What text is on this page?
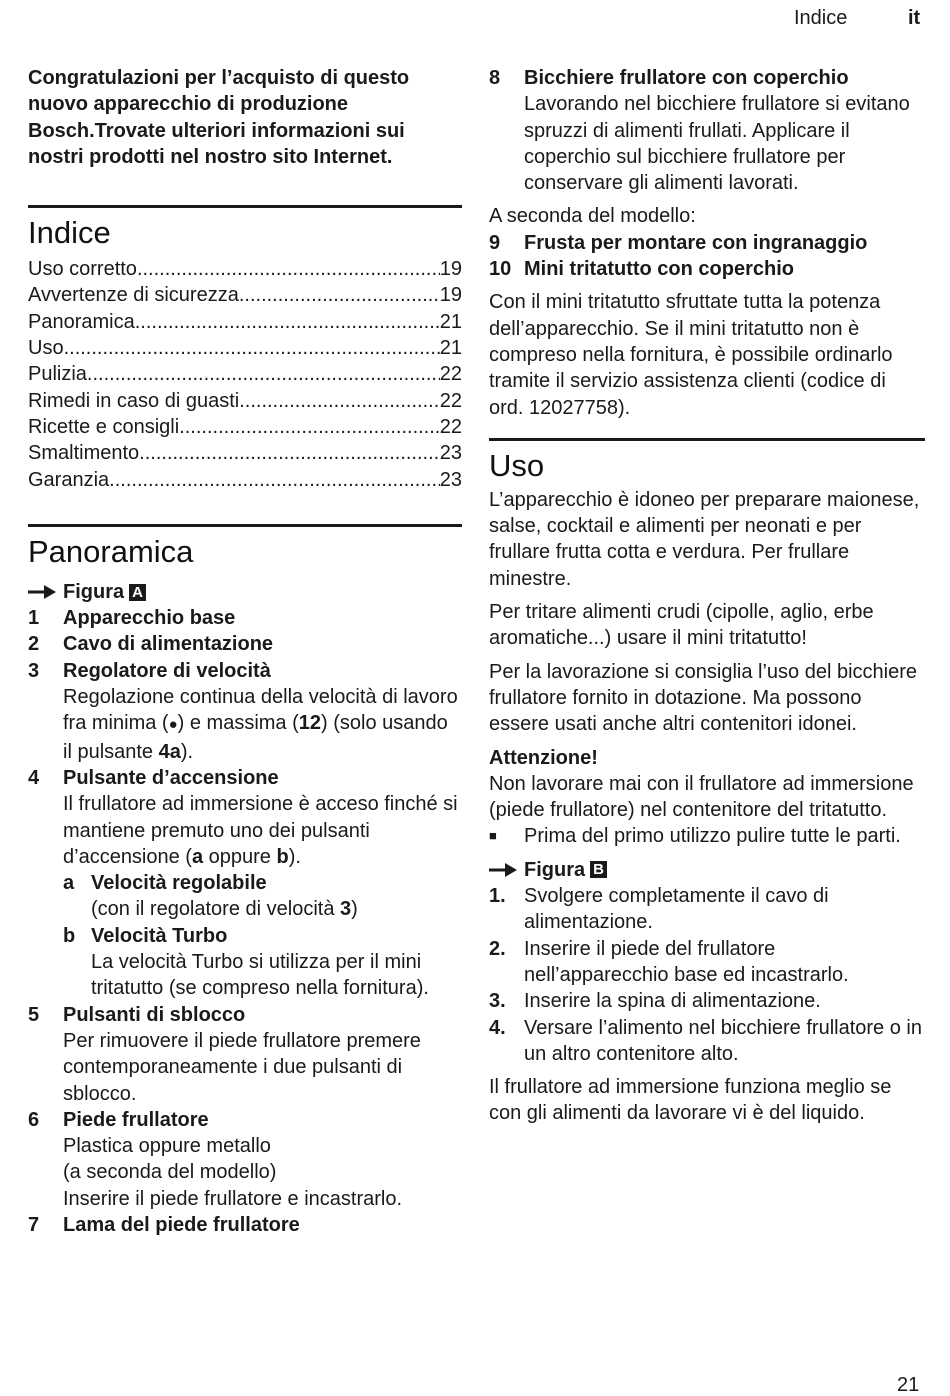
Indice	it

Congratulazioni per l’acquisto di questo nuovo apparecchio di produzione Bosch.Trovate ulteriori informazioni sui nostri prodotti nel nostro sito Internet.

Indice
Uso corretto .....	19
Avvertenze di sicurezza .....	19
Panoramica .....	21
Uso .....	21
Pulizia .....	22
Rimedi in caso di guasti .....	22
Ricette e consigli .....	22
Smaltimento .....	23
Garanzia .....	23
Panoramica
Figura A
1	Apparecchio base
2	Cavo di alimentazione
3	Regolatore di velocità
Regolazione continua della velocità di lavoro fra minima (●) e massima (12) (solo usando il pulsante 4a).
4	Pulsante d’accensione
Il frullatore ad immersione è acceso finché si mantiene premuto uno dei pulsanti d’accensione (a oppure b).
a Velocità regolabile
(con il regolatore di velocità 3)
b Velocità Turbo
La velocità Turbo si utilizza per il mini tritatutto (se compreso nella fornitura).
5	Pulsanti di sblocco
Per rimuovere il piede frullatore premere contemporaneamente i due pulsanti di sblocco.
6	Piede frullatore
Plastica oppure metallo
(a seconda del modello)
Inserire il piede frullatore e incastrarlo.
7	Lama del piede frullatore
8	Bicchiere frullatore con coperchio
Lavorando nel bicchiere frullatore si evitano spruzzi di alimenti frullati. Applicare il coperchio sul bicchiere frullatore per conservare gli alimenti lavorati.

A seconda del modello:

9	Frusta per montare con ingranaggio
10 Mini tritatutto con coperchio

Con il mini tritatutto sfruttate tutta la potenza dell’apparecchio. Se il mini tritatutto non è compreso nella fornitura, è possibile ordinarlo tramite il servizio assistenza clienti (codice di ord. 12027758).

Uso

L’apparecchio è idoneo per preparare maionese, salse, cocktail e alimenti per neonati e per frullare frutta cotta e verdura. Per frullare minestre.

Per tritare alimenti crudi (cipolle, aglio, erbe aromatiche...) usare il mini tritatutto!

Per la lavorazione si consiglia l’uso del bicchiere frullatore fornito in dotazione. Ma possono essere usati anche altri contenitori idonei.

Attenzione!

Non lavorare mai con il frullatore ad immersione (piede frullatore) nel contenitore del tritatutto.

■	Prima del primo utilizzo pulire tutte le parti.
Figura B
1. Svolgere completamente il cavo di alimentazione.
2. Inserire il piede del frullatore nell’apparecchio base ed incastrarlo.
3. Inserire la spina di alimentazione.
4. Versare l’alimento nel bicchiere frullatore o in un altro contenitore alto.

Il frullatore ad immersione funziona meglio se con gli alimenti da lavorare vi è del liquido.

21
